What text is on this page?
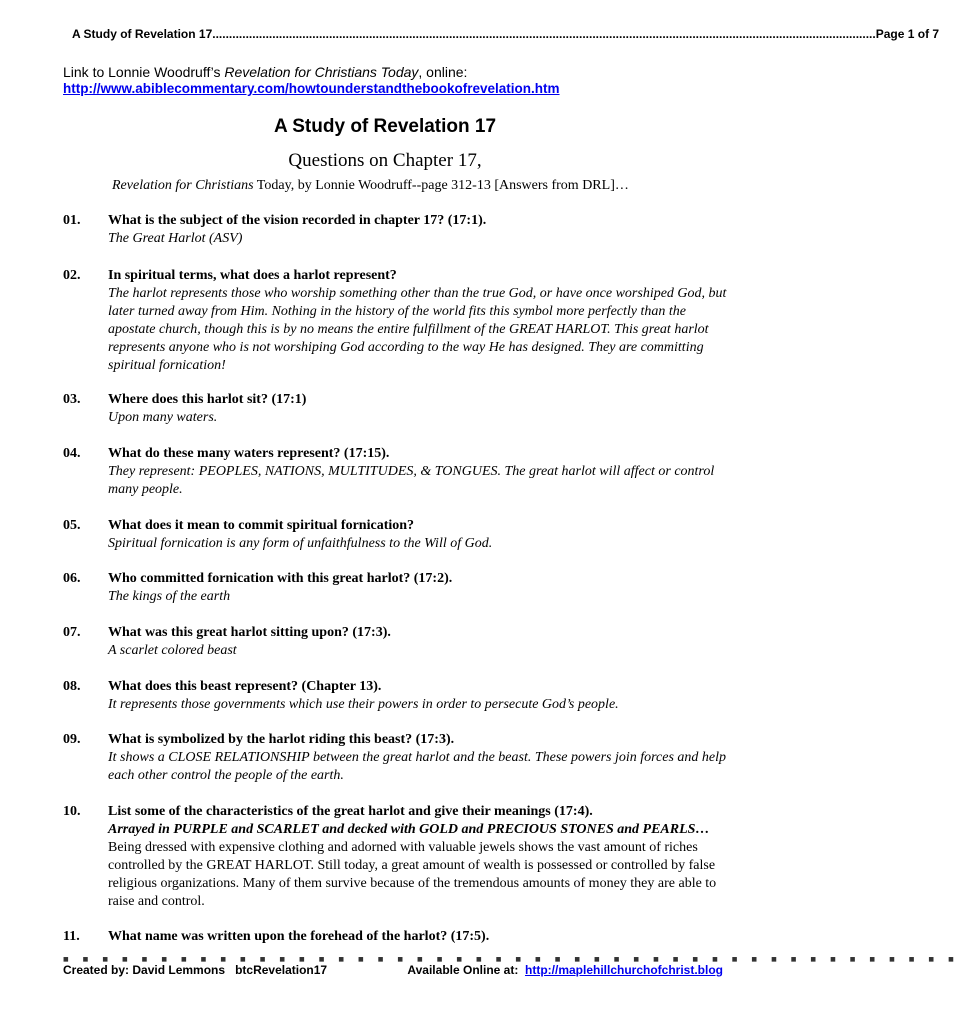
A Study of Revelation 17
.....	Page 1 of 7
Link to Lonnie Woodruff’s Revelation for Christians Today, online:
http://www.abiblecommentary.com/howtounderstandthebookofrevelation.htm
A Study of Revelation 17
Questions on Chapter 17,
Revelation for Christians Today, by Lonnie Woodruff--page 312-13 [Answers from DRL]…
01. What is the subject of the vision recorded in chapter 17? (17:1).
The Great Harlot (ASV)
02. In spiritual terms, what does a harlot represent?
The harlot represents those who worship something other than the true God, or have once worshiped God, but later turned away from Him. Nothing in the history of the world fits this symbol more perfectly than the apostate church, though this is by no means the entire fulfillment of the GREAT HARLOT. This great harlot represents anyone who is not worshiping God according to the way He has designed. They are committing spiritual fornication!
03. Where does this harlot sit? (17:1)
Upon many waters.
04. What do these many waters represent? (17:15).
They represent: PEOPLES, NATIONS, MULTITUDES, & TONGUES. The great harlot will affect or control many people.
05. What does it mean to commit spiritual fornication?
Spiritual fornication is any form of unfaithfulness to the Will of God.
06. Who committed fornication with this great harlot? (17:2).
The kings of the earth
07. What was this great harlot sitting upon? (17:3).
A scarlet colored beast
08. What does this beast represent? (Chapter 13).
It represents those governments which use their powers in order to persecute God’s people.
09. What is symbolized by the harlot riding this beast? (17:3).
It shows a CLOSE RELATIONSHIP between the great harlot and the beast. These powers join forces and help each other control the people of the earth.
10. List some of the characteristics of the great harlot and give their meanings (17:4).
Arrayed in PURPLE and SCARLET and decked with GOLD and PRECIOUS STONES and PEARLS… Being dressed with expensive clothing and adorned with valuable jewels shows the vast amount of riches controlled by the GREAT HARLOT. Still today, a great amount of wealth is possessed or controlled by false religious organizations. Many of them survive because of the tremendous amounts of money they are able to raise and control.
11. What name was written upon the forehead of the harlot? (17:5).
■■■■■■■■■■■■■■■■■■■■■■■■■■■■■■■■■■■■■■■■■■■■■■
Created by: David Lemmons btcRevelation17	Available Online at: http://maplehillchurchofchrist.blog
